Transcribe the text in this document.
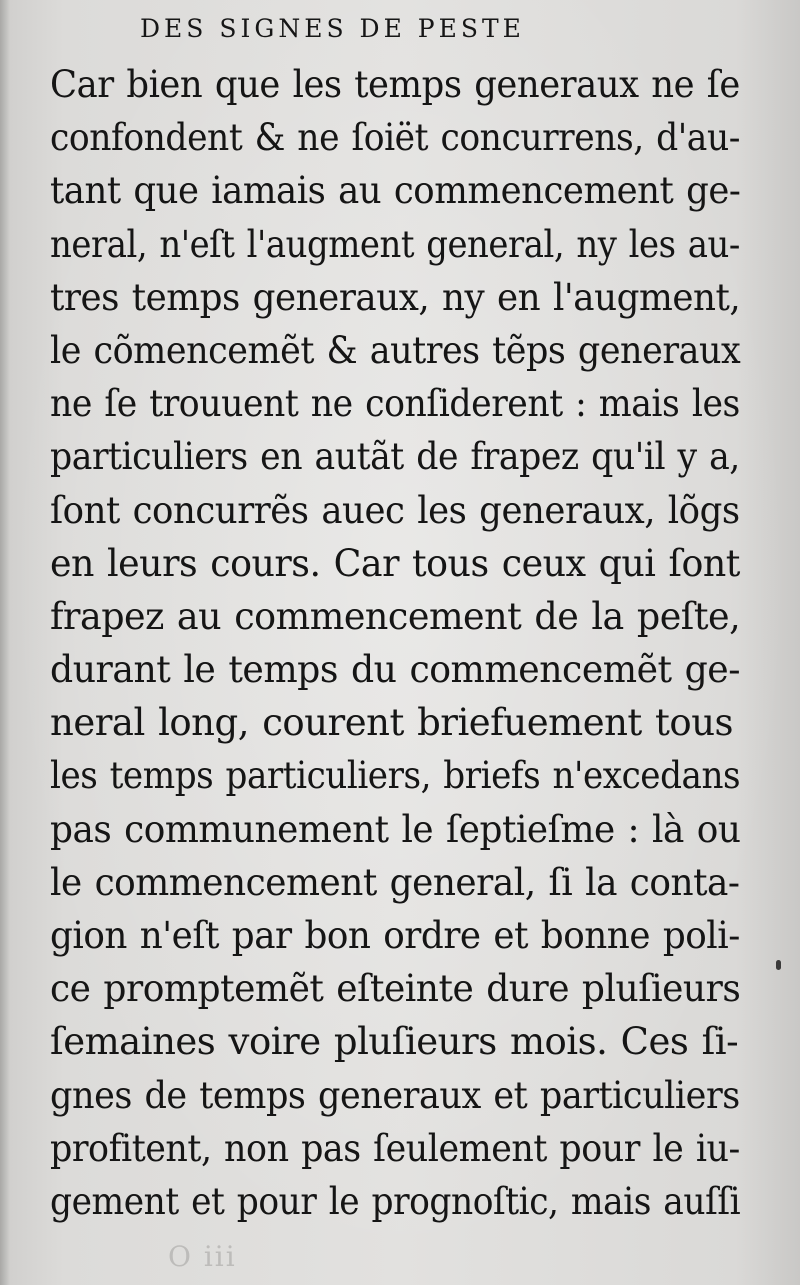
DES SIGNES DE PESTE
Car bien que les temps generaux ne ſe
confondent & ne ſoiët concurrens, d'au-
tant que iamais au commencement ge-
neral, n'eſt l'augment general, ny les au-
tres temps generaux, ny en l'augment,
le cõmencemẽt & autres tẽps generaux
ne ſe trouuent ne conſiderent : mais les
particuliers en autãt de frapez qu'il y a,
ſont concurrẽs auec les generaux, lõgs
en leurs cours. Car tous ceux qui ſont
frapez au commencement de la peſte,
durant le temps du commencemẽt ge-
neral long, courent briefuement tous
les temps particuliers, briefs n'excedans
pas communement le ſeptieſme : là ou
le commencement general, ſi la conta-
gion n'eſt par bon ordre et bonne poli-
ce promptemẽt eſteinte dure pluſieurs
ſemaines voire pluſieurs mois. Ces ſi-
gnes de temps generaux et particuliers
profitent, non pas ſeulement pour le iu-
gement et pour le prognoſtic, mais auſſi
O iii
